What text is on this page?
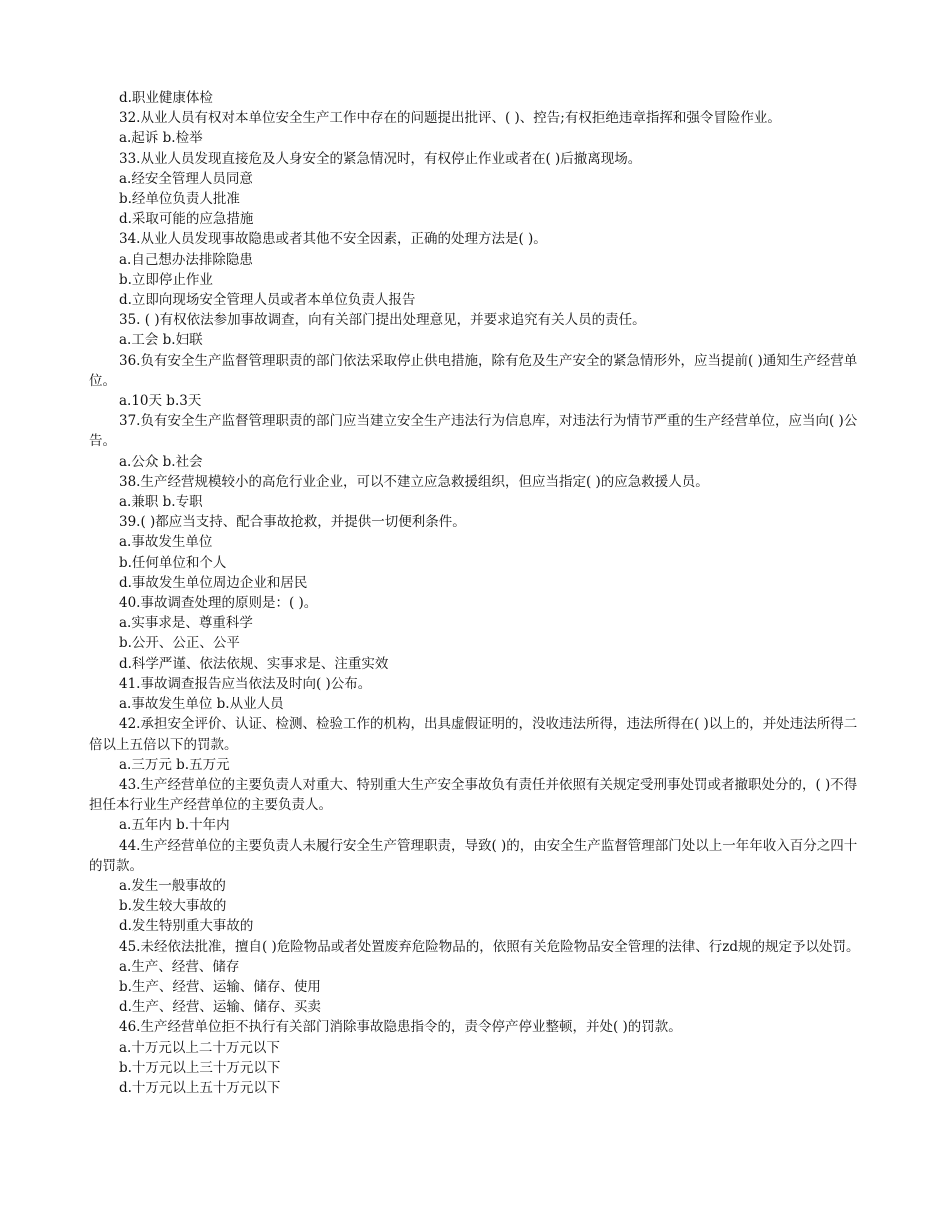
d.职业健康体检

32.从业人员有权对本单位安全生产工作中存在的问题提出批评、( )、控告;有权拒绝违章指挥和强令冒险作业。

a.起诉 b.检举

33.从业人员发现直接危及人身安全的紧急情况时，有权停止作业或者在( )后撤离现场。

a.经安全管理人员同意

b.经单位负责人批准

d.采取可能的应急措施

34.从业人员发现事故隐患或者其他不安全因素，正确的处理方法是( )。

a.自己想办法排除隐患

b.立即停止作业

d.立即向现场安全管理人员或者本单位负责人报告

35. ( )有权依法参加事故调查，向有关部门提出处理意见，并要求追究有关人员的责任。

a.工会 b.妇联

36.负有安全生产监督管理职责的部门依法采取停止供电措施，除有危及生产安全的紧急情形外，应当提前( )通知生产经营单位。

a.10天 b.3天

37.负有安全生产监督管理职责的部门应当建立安全生产违法行为信息库，对违法行为情节严重的生产经营单位，应当向( )公告。

a.公众 b.社会

38.生产经营规模较小的高危行业企业，可以不建立应急救援组织，但应当指定( )的应急救援人员。

a.兼职 b.专职

39.( )都应当支持、配合事故抢救，并提供一切便利条件。

a.事故发生单位

b.任何单位和个人

d.事故发生单位周边企业和居民

40.事故调查处理的原则是：( )。

a.实事求是、尊重科学

b.公开、公正、公平

d.科学严谨、依法依规、实事求是、注重实效

41.事故调查报告应当依法及时向( )公布。

a.事故发生单位 b.从业人员

42.承担安全评价、认证、检测、检验工作的机构，出具虚假证明的，没收违法所得，违法所得在( )以上的，并处违法所得二倍以上五倍以下的罚款。

a.三万元 b.五万元

43.生产经营单位的主要负责人对重大、特别重大生产安全事故负有责任并依照有关规定受刑事处罚或者撤职处分的，( )不得担任本行业生产经营单位的主要负责人。

a.五年内 b.十年内

44.生产经营单位的主要负责人未履行安全生产管理职责，导致( )的，由安全生产监督管理部门处以上一年年收入百分之四十的罚款。

a.发生一般事故的

b.发生较大事故的

d.发生特别重大事故的

45.未经依法批准，擅自( )危险物品或者处置废弃危险物品的，依照有关危险物品安全管理的法律、行zd规的规定予以处罚。

a.生产、经营、储存

b.生产、经营、运输、储存、使用

d.生产、经营、运输、储存、买卖

46.生产经营单位拒不执行有关部门消除事故隐患指令的，责令停产停业整顿，并处( )的罚款。

a.十万元以上二十万元以下

b.十万元以上三十万元以下

d.十万元以上五十万元以下
